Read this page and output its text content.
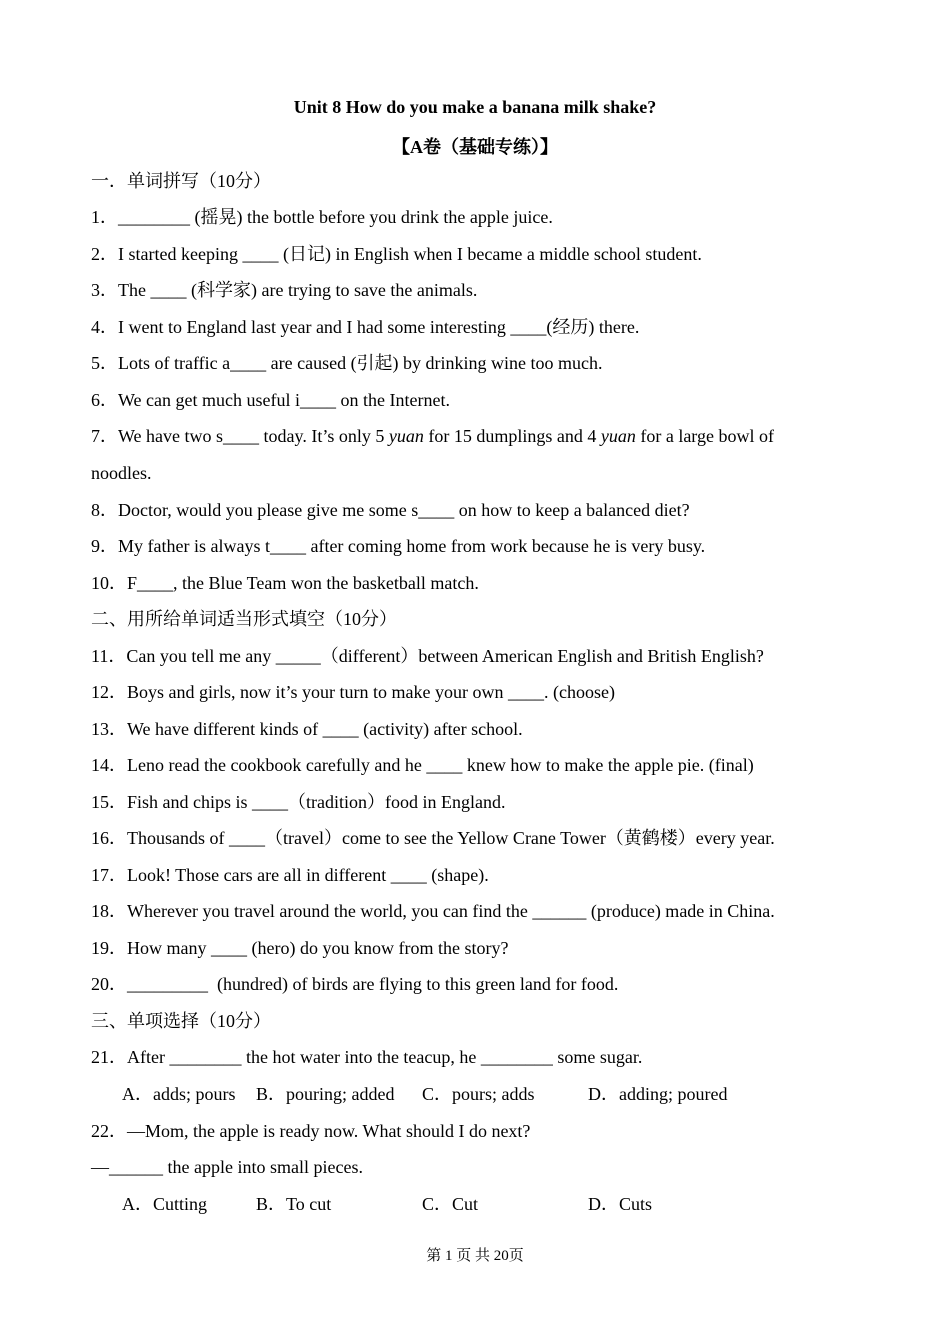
Unit 8 How do you make a banana milk shake?
【A卷（基础专练）】
一．单词拼写（10分）
1．________ (摇晃) the bottle before you drink the apple juice.
2．I started keeping ____ (日记) in English when I became a middle school student.
3．The ____ (科学家) are trying to save the animals.
4．I went to England last year and I had some interesting ____(经历) there.
5．Lots of traffic a____ are caused (引起) by drinking wine too much.
6．We can get much useful i____ on the Internet.
7．We have two s____ today. It’s only 5 yuan for 15 dumplings and 4 yuan for a large bowl of
noodles.
8．Doctor, would you please give me some s____ on how to keep a balanced diet?
9．My father is always t____ after coming home from work because he is very busy.
10．F____, the Blue Team won the basketball match.
二、用所给单词适当形式填空（10分）
11．Can you tell me any _____（different）between American English and British English?
12．Boys and girls, now it’s your turn to make your own ____. (choose)
13．We have different kinds of ____ (activity) after school.
14．Leno read the cookbook carefully and he ____ knew how to make the apple pie. (final)
15．Fish and chips is ____（tradition）food in England.
16．Thousands of ____（travel）come to see the Yellow Crane Tower（黄鹤楼）every year.
17．Look! Those cars are all in different ____ (shape).
18．Wherever you travel around the world, you can find the ______ (produce) made in China.
19．How many ____ (hero) do you know from the story?
20．_________  (hundred) of birds are flying to this green land for food.
三、单项选择（10分）
21．After ________ the hot water into the teacup, he ________ some sugar.
A．adds; pours B．pouring; added C．pours; adds	D．adding; poured
22．—Mom, the apple is ready now. What should I do next?
—______ the apple into small pieces.
A．Cutting	B．To cut	C．Cut	D．Cuts
第 1 页 共 20页
